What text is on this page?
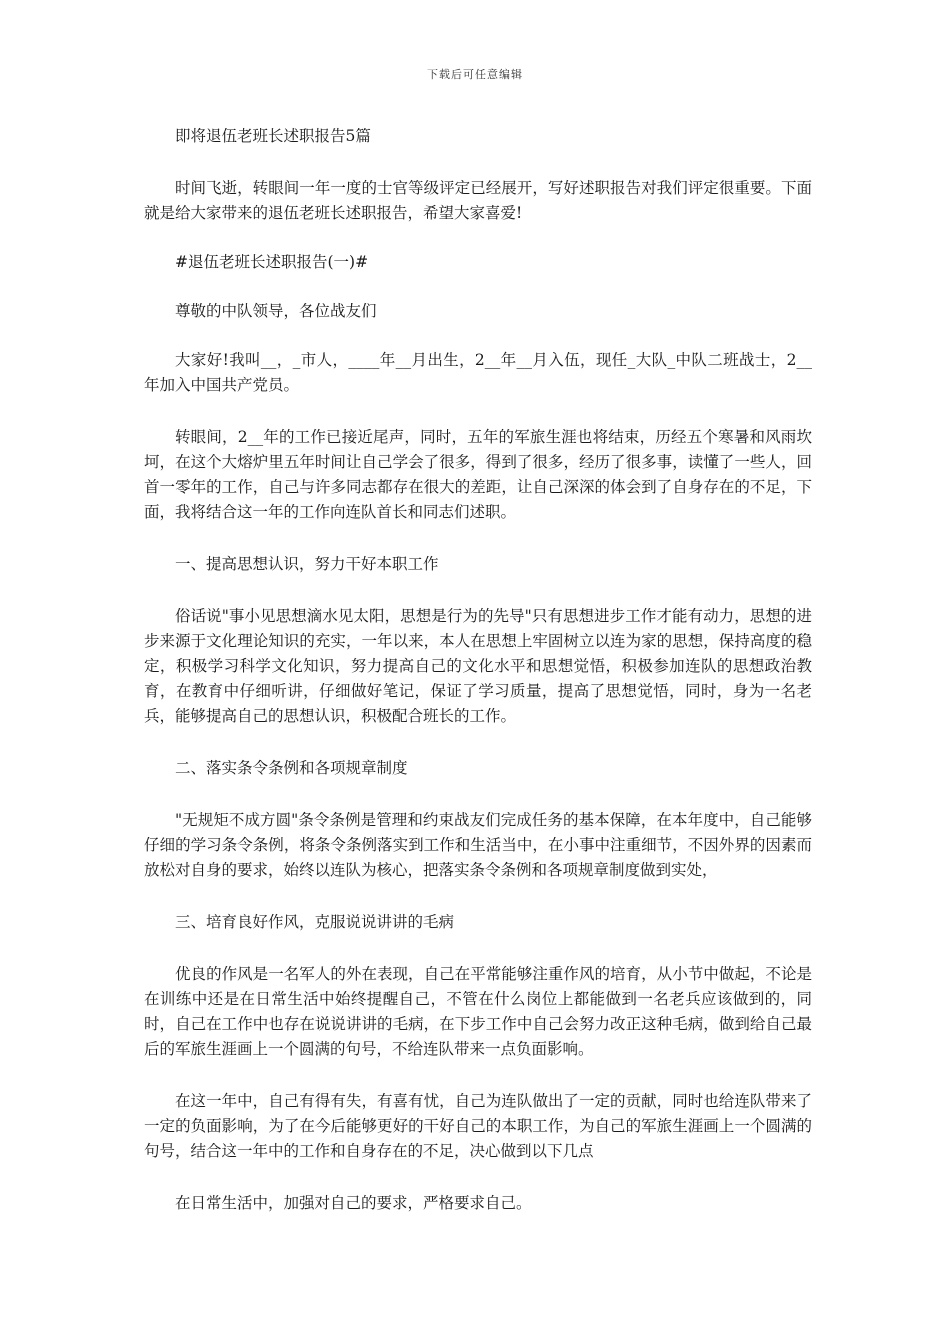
下载后可任意编辑

即将退伍老班长述职报告5篇

时间飞逝，转眼间一年一度的士官等级评定已经展开，写好述职报告对我们评定很重要。下面就是给大家带来的退伍老班长述职报告，希望大家喜爱!

#退伍老班长述职报告(一)#

尊敬的中队领导，各位战友们

大家好!我叫__，_市人，____年__月出生，2__年__月入伍，现任_大队_中队二班战士，2__年加入中国共产党员。

转眼间，2__年的工作已接近尾声，同时，五年的军旅生涯也将结束，历经五个寒暑和风雨坎坷，在这个大熔炉里五年时间让自己学会了很多，得到了很多，经历了很多事，读懂了一些人，回首一零年的工作，自己与许多同志都存在很大的差距，让自己深深的体会到了自身存在的不足，下面，我将结合这一年的工作向连队首长和同志们述职。

一、提高思想认识，努力干好本职工作

俗话说"事小见思想滴水见太阳，思想是行为的先导"只有思想进步工作才能有动力，思想的进步来源于文化理论知识的充实，一年以来，本人在思想上牢固树立以连为家的思想，保持高度的稳定，积极学习科学文化知识，努力提高自己的文化水平和思想觉悟，积极参加连队的思想政治教育，在教育中仔细听讲，仔细做好笔记，保证了学习质量，提高了思想觉悟，同时，身为一名老兵，能够提高自己的思想认识，积极配合班长的工作。

二、落实条令条例和各项规章制度

"无规矩不成方圆"条令条例是管理和约束战友们完成任务的基本保障，在本年度中，自己能够仔细的学习条令条例，将条令条例落实到工作和生活当中，在小事中注重细节，不因外界的因素而放松对自身的要求，始终以连队为核心，把落实条令条例和各项规章制度做到实处，

三、培育良好作风，克服说说讲讲的毛病

优良的作风是一名军人的外在表现，自己在平常能够注重作风的培育，从小节中做起，不论是在训练中还是在日常生活中始终提醒自己，不管在什么岗位上都能做到一名老兵应该做到的，同时，自己在工作中也存在说说讲讲的毛病，在下步工作中自己会努力改正这种毛病，做到给自己最后的军旅生涯画上一个圆满的句号，不给连队带来一点负面影响。

在这一年中，自己有得有失，有喜有忧，自己为连队做出了一定的贡献，同时也给连队带来了一定的负面影响，为了在今后能够更好的干好自己的本职工作，为自己的军旅生涯画上一个圆满的句号，结合这一年中的工作和自身存在的不足，决心做到以下几点

在日常生活中，加强对自己的要求，严格要求自己。
